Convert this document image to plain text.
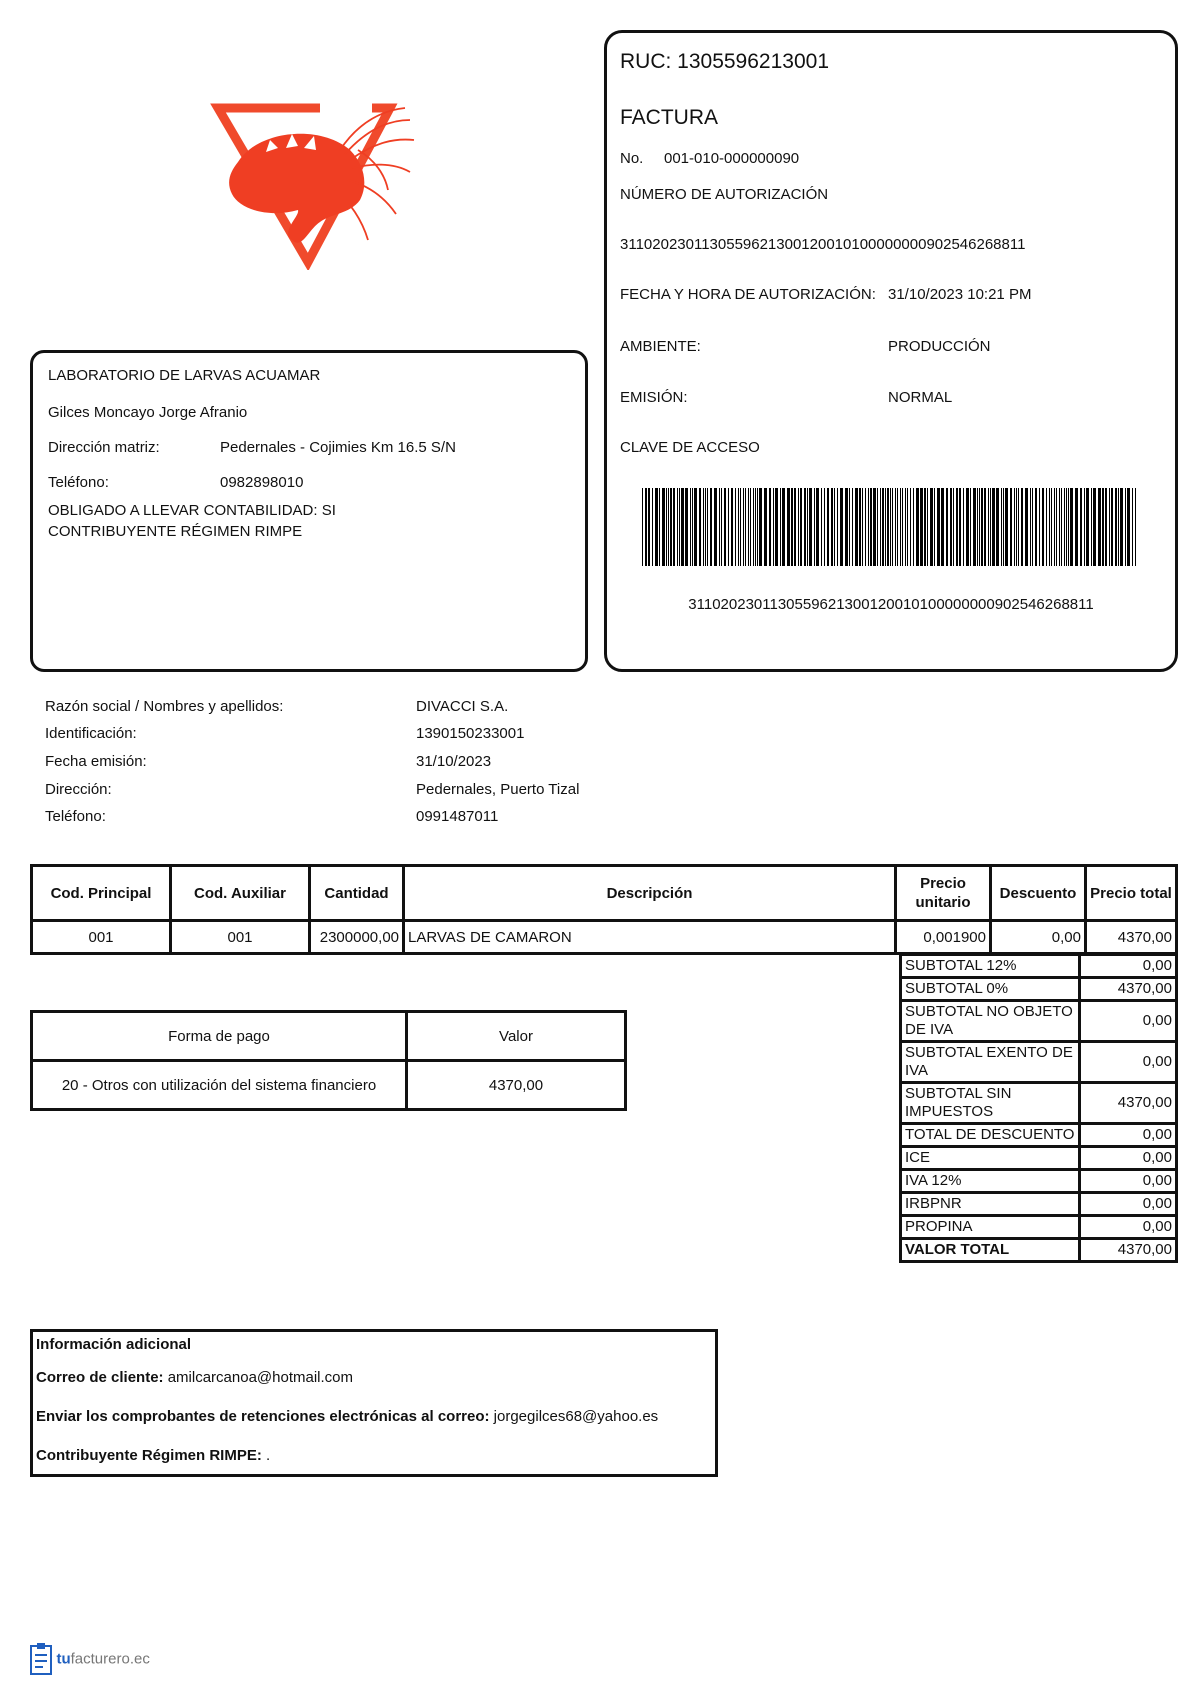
RUC: 1305596213001
FACTURA
No. 001-010-000000090
NÚMERO DE AUTORIZACIÓN
3110202301130559621300120010100000000902546268811
FECHA Y HORA DE AUTORIZACIÓN: 31/10/2023 10:21 PM
AMBIENTE:	PRODUCCIÓN
EMISIÓN:	NORMAL
CLAVE DE ACCESO
3110202301130559621300120010100000000902546268811
LABORATORIO DE LARVAS ACUAMAR
Gilces Moncayo Jorge Afranio
Dirección matriz:	Pedernales - Cojimies Km 16.5 S/N
Teléfono:	0982898010
OBLIGADO A LLEVAR CONTABILIDAD: SI
CONTRIBUYENTE RÉGIMEN RIMPE
Razón social / Nombres y apellidos:	DIVACCI S.A.
Identificación:	1390150233001
Fecha emisión:	31/10/2023
Dirección:	Pedernales, Puerto Tizal
Teléfono:	0991487011
Cod. Principal	Cod. Auxiliar	Cantidad	Descripción	Precio unitario	Descuento	Precio total
001	001	2300000,00	LARVAS DE CAMARON	0,001900	0,00	4370,00
SUBTOTAL 12%	0,00
SUBTOTAL 0%	4370,00
SUBTOTAL NO OBJETO DE IVA	0,00
SUBTOTAL EXENTO DE IVA	0,00
SUBTOTAL SIN IMPUESTOS	4370,00
TOTAL DE DESCUENTO	0,00
ICE	0,00
IVA 12%	0,00
IRBPNR	0,00
PROPINA	0,00
VALOR TOTAL	4370,00
Forma de pago	Valor
20 - Otros con utilización del sistema financiero	4370,00
Información adicional
Correo de cliente: amilcarcanoa@hotmail.com
Enviar los comprobantes de retenciones electrónicas al correo: jorgegilces68@yahoo.es
Contribuyente Régimen RIMPE: .
tufacturero.ec
